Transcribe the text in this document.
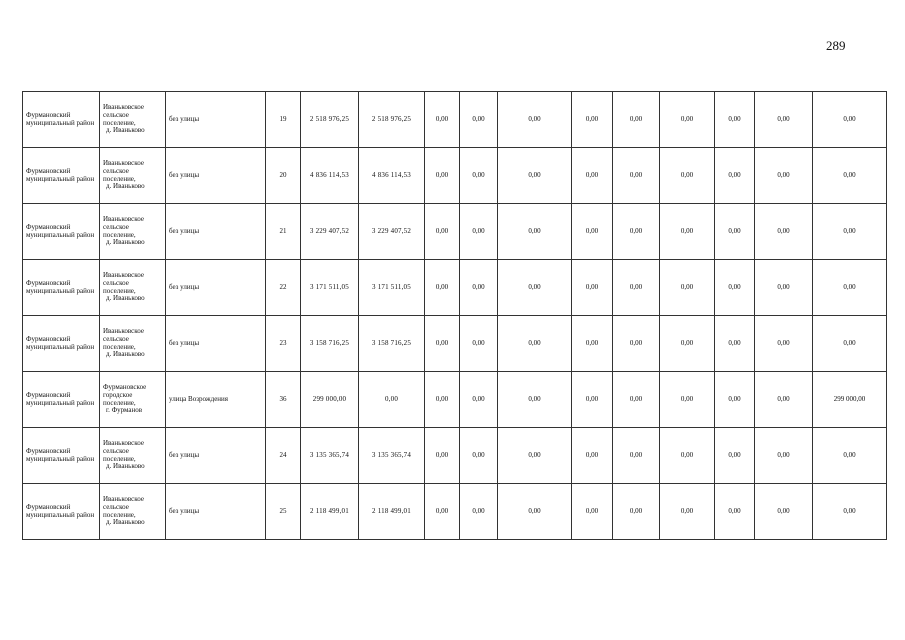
289
Фурмановский муниципальный район	Иваньковское
сельское
поселение,
д. Иваньково	без улицы	19	2 518 976,25	2 518 976,25	0,00	0,00	0,00	0,00	0,00	0,00	0,00	0,00	0,00
Фурмановский муниципальный район	Иваньковское
сельское
поселение,
д. Иваньково	без улицы	20	4 836 114,53	4 836 114,53	0,00	0,00	0,00	0,00	0,00	0,00	0,00	0,00	0,00
Фурмановский муниципальный район	Иваньковское
сельское
поселение,
д. Иваньково	без улицы	21	3 229 407,52	3 229 407,52	0,00	0,00	0,00	0,00	0,00	0,00	0,00	0,00	0,00
Фурмановский муниципальный район	Иваньковское
сельское
поселение,
д. Иваньково	без улицы	22	3 171 511,05	3 171 511,05	0,00	0,00	0,00	0,00	0,00	0,00	0,00	0,00	0,00
Фурмановский муниципальный район	Иваньковское
сельское
поселение,
д. Иваньково	без улицы	23	3 158 716,25	3 158 716,25	0,00	0,00	0,00	0,00	0,00	0,00	0,00	0,00	0,00
Фурмановский муниципальный район	Фурмановское
городское
поселение,
г. Фурманов	улица Возрождения	36	299 000,00	0,00	0,00	0,00	0,00	0,00	0,00	0,00	0,00	0,00	299 000,00
Фурмановский муниципальный район	Иваньковское
сельское
поселение,
д. Иваньково	без улицы	24	3 135 365,74	3 135 365,74	0,00	0,00	0,00	0,00	0,00	0,00	0,00	0,00	0,00
Фурмановский муниципальный район	Иваньковское
сельское
поселение,
д. Иваньково	без улицы	25	2 118 499,01	2 118 499,01	0,00	0,00	0,00	0,00	0,00	0,00	0,00	0,00	0,00
